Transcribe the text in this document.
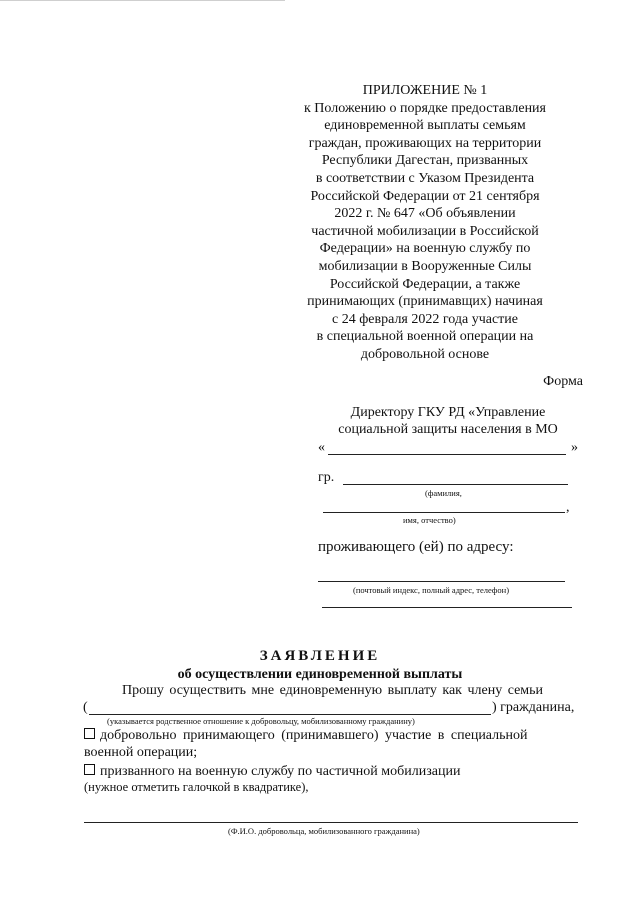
ПРИЛОЖЕНИЕ № 1
к Положению о порядке предоставления
единовременной выплаты семьям
граждан, проживающих на территории
Республики Дагестан, призванных
в соответствии с Указом Президента
Российской Федерации от 21 сентября
2022 г. № 647 «Об объявлении
частичной мобилизации в Российской
Федерации» на военную службу по
мобилизации в Вооруженные Силы
Российской Федерации, а также
принимающих (принимавщих) начиная
с 24 февраля 2022 года участие
в специальной военной операции на
добровольной основе
Форма
Директору ГКУ РД «Управление
социальной защиты населения в МО
«	»
гр.
(фамилия,
,
имя, отчество)
проживающего (ей) по адресу:
(почтовый индекс, полный адрес, телефон)
ЗАЯВЛЕНИЕ
об осуществлении единовременной выплаты
Прошу осуществить мне единовременную выплату как члену семьи
(	) гражданина,
(указывается родственное отношение к добровольцу, мобилизованному гражданину)
добровольно принимающего (принимавшего) участие в специальной
военной операции;
призванного на военную службу по частичной мобилизации
(нужное отметить галочкой в квадратике),
(Ф.И.О. добровольца, мобилизованного гражданина)
